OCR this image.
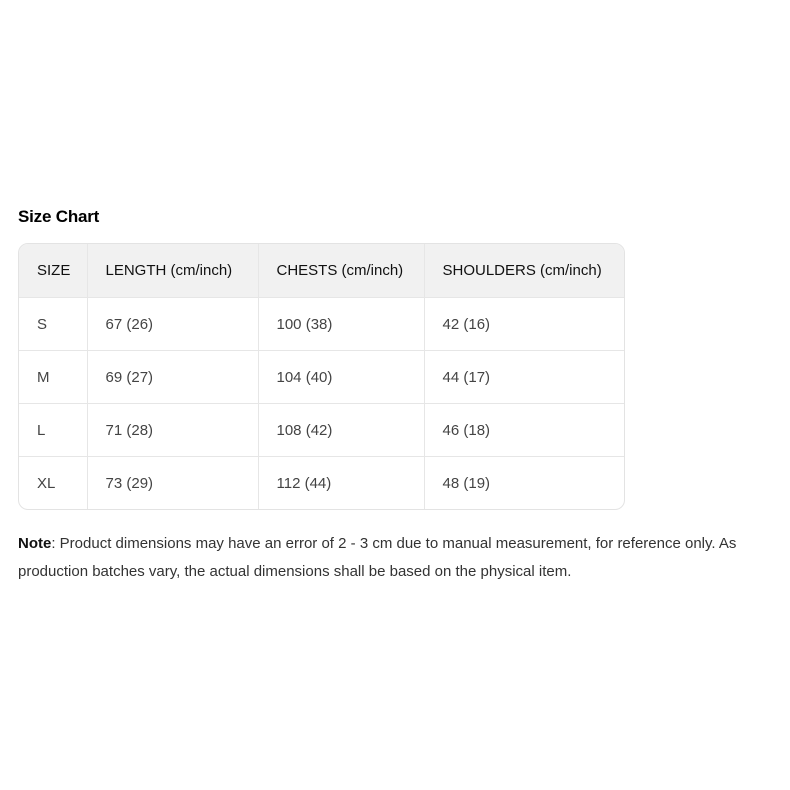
Size Chart
SIZE	LENGTH (cm/inch)	CHESTS (cm/inch)	SHOULDERS (cm/inch)
S	67 (26)	100 (38)	42 (16)
M	69 (27)	104 (40)	44 (17)
L	71 (28)	108 (42)	46 (18)
XL	73 (29)	112 (44)	48 (19)
Note: Product dimensions may have an error of 2 - 3 cm due to manual measurement, for reference only. As production batches vary, the actual dimensions shall be based on the physical item.
